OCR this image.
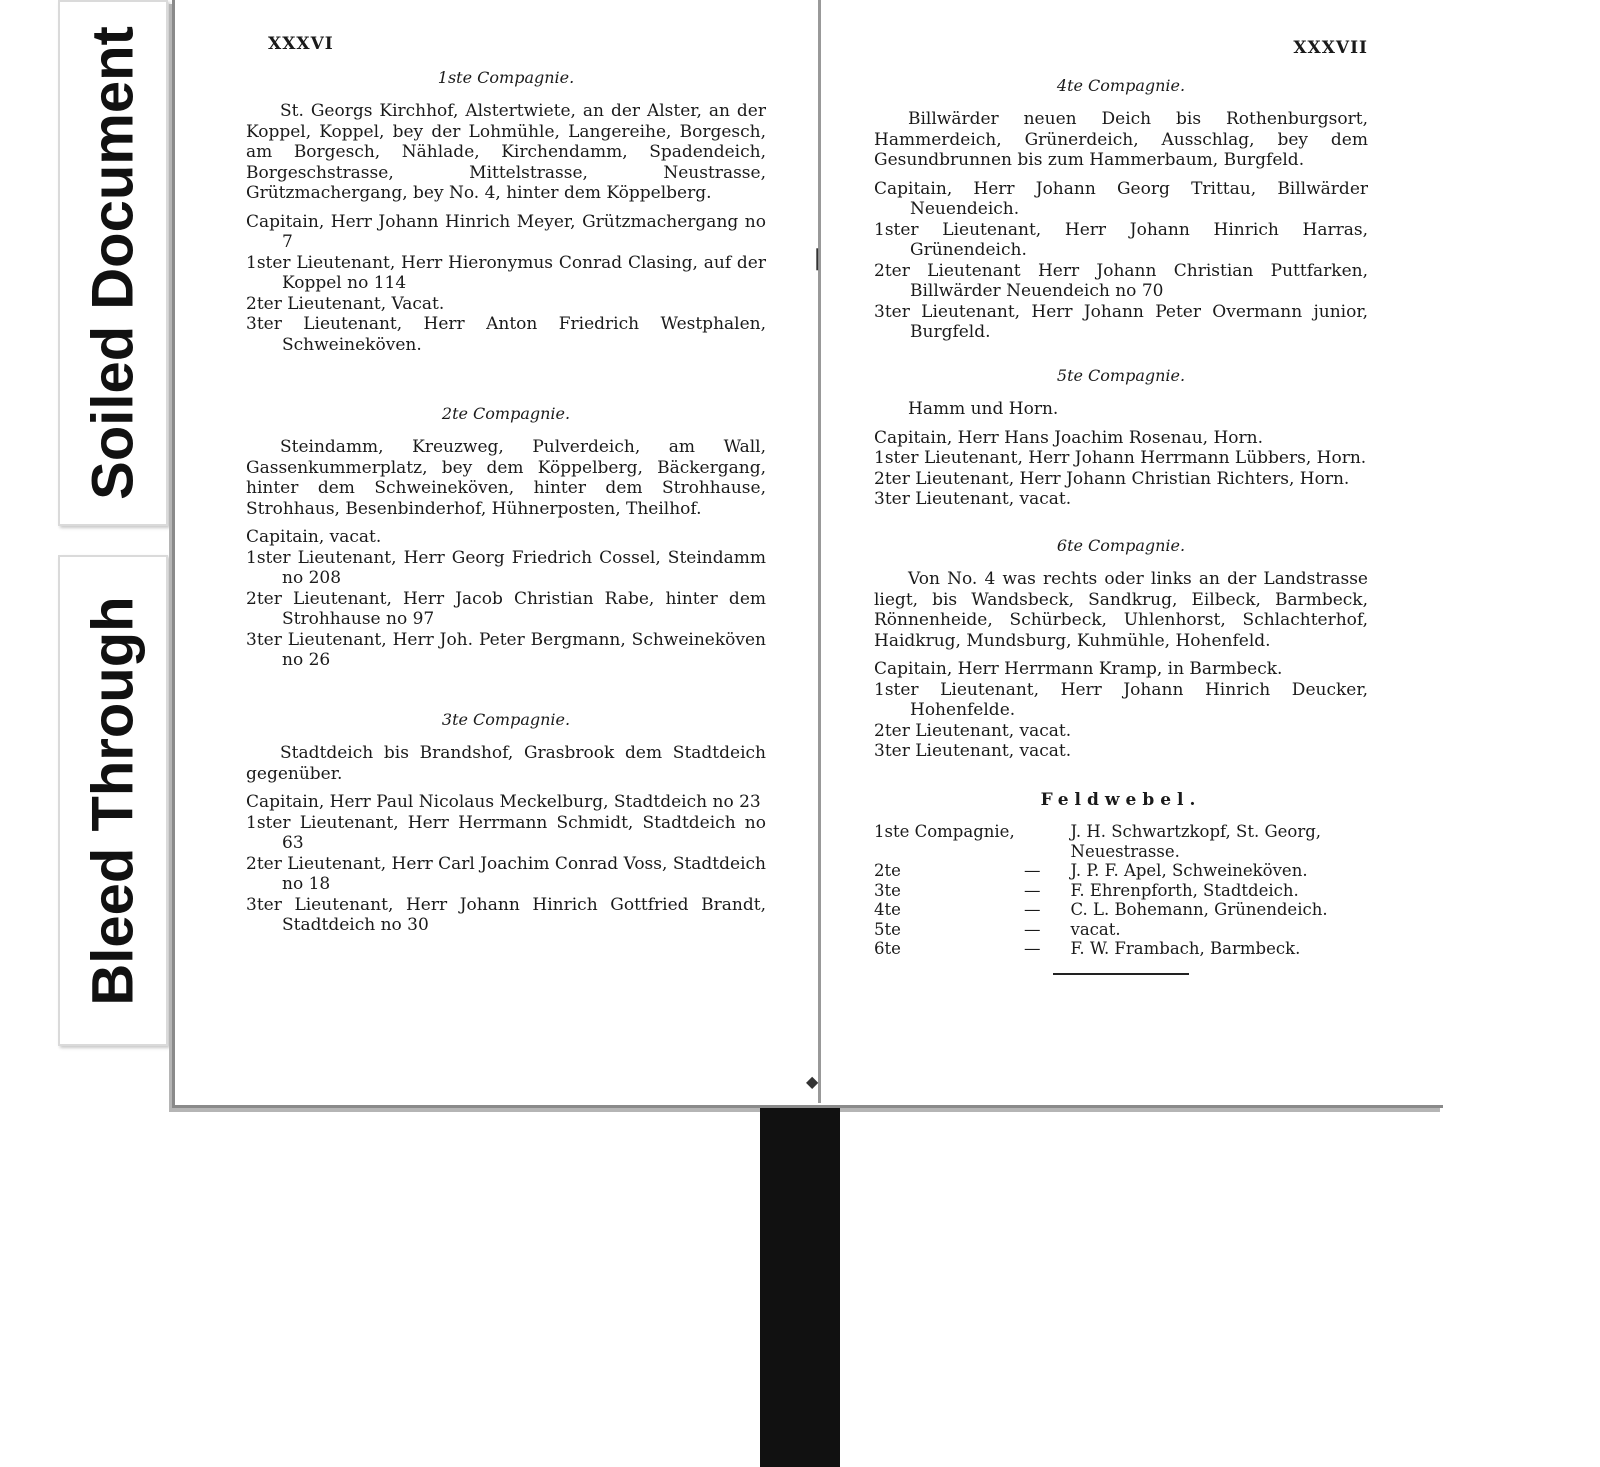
Soiled Document
Bleed Through
❘
◆
XXXVI
1ste Compagnie.

St. Georgs Kirchhof, Alstertwiete, an der Alster, an der Koppel, Koppel, bey der Lohmühle, Langereihe, Borgesch, am Borgesch, Nählade, Kirchendamm, Spadendeich, Borgeschstrasse, Mittelstrasse, Neustrasse, Grützmachergang, bey No. 4, hinter dem Köppelberg.

Capitain, Herr Johann Hinrich Meyer, Grützmachergang no 7

1ster Lieutenant, Herr Hieronymus Conrad Clasing, auf der Koppel no 114

2ter Lieutenant, Vacat.

3ter Lieutenant, Herr Anton Friedrich Westphalen, Schweineköven.

2te Compagnie.

Steindamm, Kreuzweg, Pulverdeich, am Wall, Gassenkummerplatz, bey dem Köppelberg, Bäckergang, hinter dem Schweineköven, hinter dem Strohhause, Strohhaus, Besenbinderhof, Hühnerposten, Theilhof.

Capitain, vacat.

1ster Lieutenant, Herr Georg Friedrich Cossel, Steindamm no 208

2ter Lieutenant, Herr Jacob Christian Rabe, hinter dem Strohhause no 97

3ter Lieutenant, Herr Joh. Peter Bergmann, Schweineköven no 26

3te Compagnie.

Stadtdeich bis Brandshof, Grasbrook dem Stadtdeich gegenüber.

Capitain, Herr Paul Nicolaus Meckelburg, Stadtdeich no 23

1ster Lieutenant, Herr Herrmann Schmidt, Stadtdeich no 63

2ter Lieutenant, Herr Carl Joachim Conrad Voss, Stadtdeich no 18

3ter Lieutenant, Herr Johann Hinrich Gottfried Brandt, Stadtdeich no 30

XXXVII
4te Compagnie.

Billwärder neuen Deich bis Rothenburgsort, Hammerdeich, Grünerdeich, Ausschlag, bey dem Gesundbrunnen bis zum Hammerbaum, Burgfeld.

Capitain, Herr Johann Georg Trittau, Billwärder Neuendeich.

1ster Lieutenant, Herr Johann Hinrich Harras, Grünendeich.

2ter Lieutenant Herr Johann Christian Puttfarken, Billwärder Neuendeich no 70

3ter Lieutenant, Herr Johann Peter Overmann junior, Burgfeld.

5te Compagnie.

Hamm und Horn.

Capitain, Herr Hans Joachim Rosenau, Horn.

1ster Lieutenant, Herr Johann Herrmann Lübbers, Horn.

2ter Lieutenant, Herr Johann Christian Richters, Horn.

3ter Lieutenant, vacat.

6te Compagnie.

Von No. 4 was rechts oder links an der Landstrasse liegt, bis Wandsbeck, Sandkrug, Eilbeck, Barmbeck, Rönnenheide, Schürbeck, Uhlenhorst, Schlachterhof, Haidkrug, Mundsburg, Kuhmühle, Hohenfeld.

Capitain, Herr Herrmann Kramp, in Barmbeck.

1ster Lieutenant, Herr Johann Hinrich Deucker, Hohenfelde.

2ter Lieutenant, vacat.

3ter Lieutenant, vacat.

Feldwebel.
1ste Compagnie,		J. H. Schwartzkopf, St. Georg, Neuestrasse.
2te	—	J. P. F. Apel, Schweineköven.
3te	—	F. Ehrenpforth, Stadtdeich.
4te	—	C. L. Bohemann, Grünendeich.
5te	—	vacat.
6te	—	F. W. Frambach, Barmbeck.
